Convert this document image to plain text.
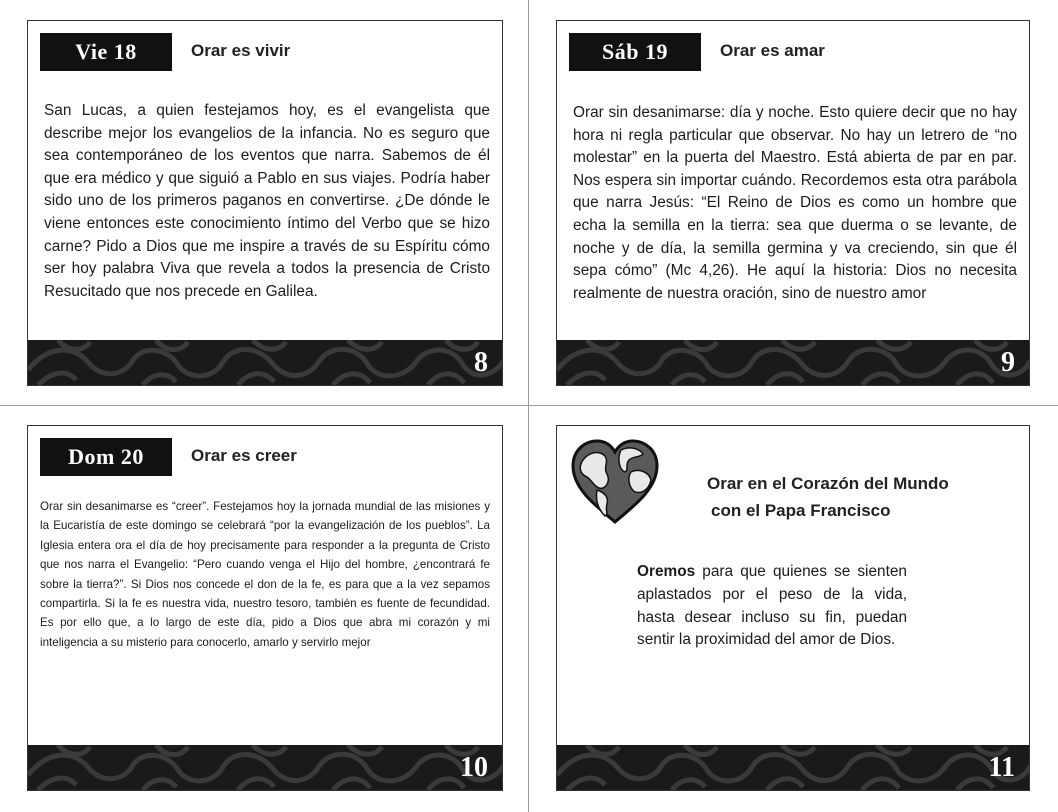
Vie 18	Orar es vivir
San Lucas, a quien festejamos hoy, es el evangelista que describe mejor los evangelios de la infancia. No es seguro que sea contemporáneo de los eventos que narra. Sabemos de él que era médico y que siguió a Pablo en sus viajes. Podría haber sido uno de los primeros paganos en convertirse. ¿De dónde le viene entonces este conocimiento íntimo del Verbo que se hizo carne? Pido a Dios que me inspire a través de su Espíritu cómo ser hoy palabra Viva que revela a todos la presencia de Cristo Resucitado que nos precede en Galilea.
8
Sáb 19	Orar es amar
Orar sin desanimarse: día y noche. Esto quiere decir que no hay hora ni regla particular que observar. No hay un letrero de “no molestar” en la puerta del Maestro. Está abierta de par en par. Nos espera sin importar cuándo. Recordemos esta otra parábola que narra Jesús: “El Reino de Dios es como un hombre que echa la semilla en la tierra: sea que duerma o se levante, de noche y de día, la semilla germina y va creciendo, sin que él sepa cómo” (Mc 4,26). He aquí la historia: Dios no necesita realmente de nuestra oración, sino de nuestro amor
9
Dom 20	Orar es creer
Orar sin desanimarse es “creer”. Festejamos hoy la jornada mundial de las misiones y la Eucaristía de este domingo se celebrará “por la evangelización de los pueblos”. La Iglesia entera ora el día de hoy precisamente para responder a la pregunta de Cristo que nos narra el Evangelio: “Pero cuando venga el Hijo del hombre, ¿encontrará fe sobre la tierra?”. Si Dios nos concede el don de la fe, es para que a la vez sepamos compartirla. Si la fe es nuestra vida, nuestro tesoro, también es fuente de fecundidad. Es por ello que, a lo largo de este día, pido a Dios que abra mi corazón y mi inteligencia a su misterio para conocerlo, amarlo y servirlo mejor
10
Orar en el Corazón del Mundo
con el Papa Francisco
Oremos para que quienes se sienten aplastados por el peso de la vida, hasta desear incluso su fin, puedan sentir la proximidad del amor de Dios.
11
